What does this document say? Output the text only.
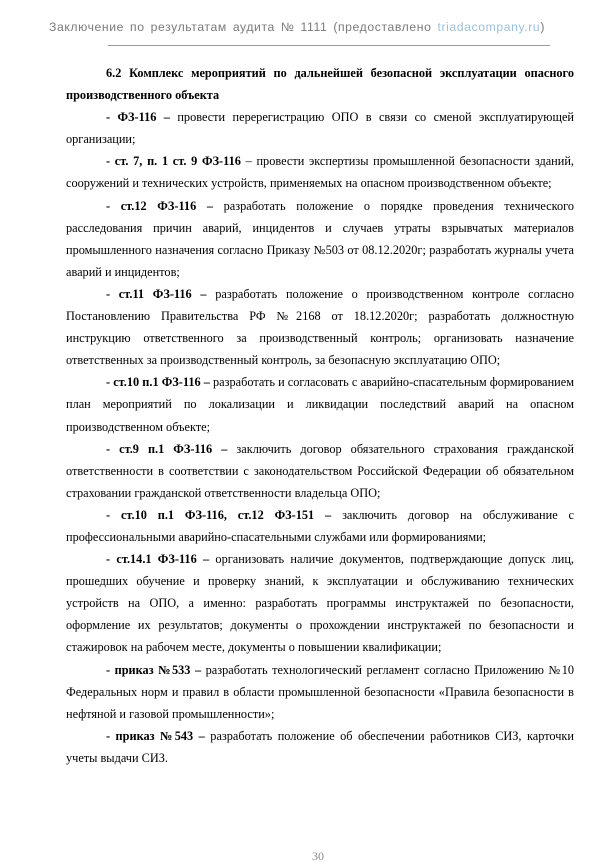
Заключение по результатам аудита № 1111 (предоставлено triadacompany.ru)

6.2 Комплекс мероприятий по дальнейшей безопасной эксплуатации опасного производственного объекта

- ФЗ-116 – провести перерегистрацию ОПО в связи со сменой эксплуатирующей организации;

- ст. 7, п. 1 ст. 9 ФЗ-116 – провести экспертизы промышленной безопасности зданий, сооружений и технических устройств, применяемых на опасном производственном объекте;

- ст.12 ФЗ-116 – разработать положение о порядке проведения технического расследования причин аварий, инцидентов и случаев утраты взрывчатых материалов промышленного назначения согласно Приказу №503 от 08.12.2020г; разработать журналы учета аварий и инцидентов;

- ст.11 ФЗ-116 – разработать положение о производственном контроле согласно Постановлению Правительства РФ №2168 от 18.12.2020г; разработать должностную инструкцию ответственного за производственный контроль; организовать назначение ответственных за производственный контроль, за безопасную эксплуатацию ОПО;

- ст.10 п.1 ФЗ-116 – разработать и согласовать с аварийно-спасательным формированием план мероприятий по локализации и ликвидации последствий аварий на опасном производственном объекте;

- ст.9 п.1 ФЗ-116 – заключить договор обязательного страхования гражданской ответственности в соответствии с законодательством Российской Федерации об обязательном страховании гражданской ответственности владельца ОПО;

- ст.10 п.1 ФЗ-116, ст.12 ФЗ-151 – заключить договор на обслуживание с профессиональными аварийно-спасательными службами или формированиями;

- ст.14.1 ФЗ-116 – организовать наличие документов, подтверждающие допуск лиц, прошедших обучение и проверку знаний, к эксплуатации и обслуживанию технических устройств на ОПО, а именно: разработать программы инструктажей по безопасности, оформление их результатов; документы о прохождении инструктажей по безопасности и стажировок на рабочем месте, документы о повышении квалификации;

- приказ №533 – разработать технологический регламент согласно Приложению №10 Федеральных норм и правил в области промышленной безопасности «Правила безопасности в нефтяной и газовой промышленности»;

- приказ №543 – разработать положение об обеспечении работников СИЗ, карточки учеты выдачи СИЗ.

30
